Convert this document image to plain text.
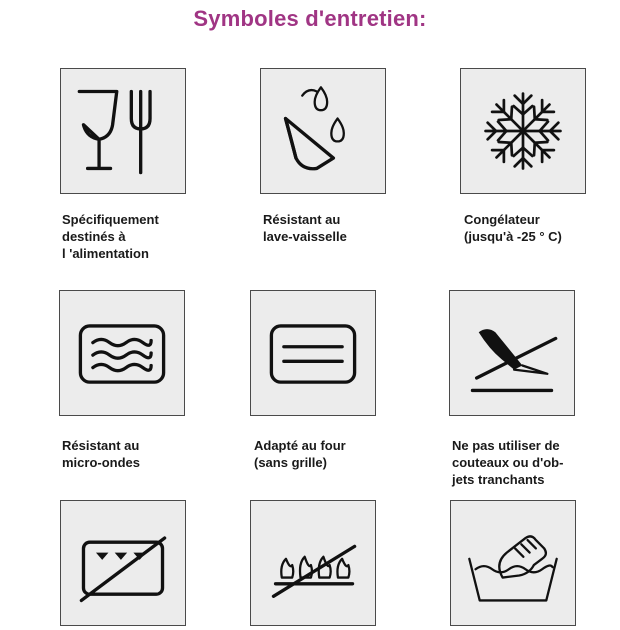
Symboles d'entretien:
Spécifiquement
destinés à
l 'alimentation
Résistant au
lave-vaisselle
Congélateur
(jusqu'à -25 ° C)
Résistant au
micro-ondes
Adapté au four
(sans grille)
Ne pas utiliser de
couteaux ou d'ob-
jets tranchants
